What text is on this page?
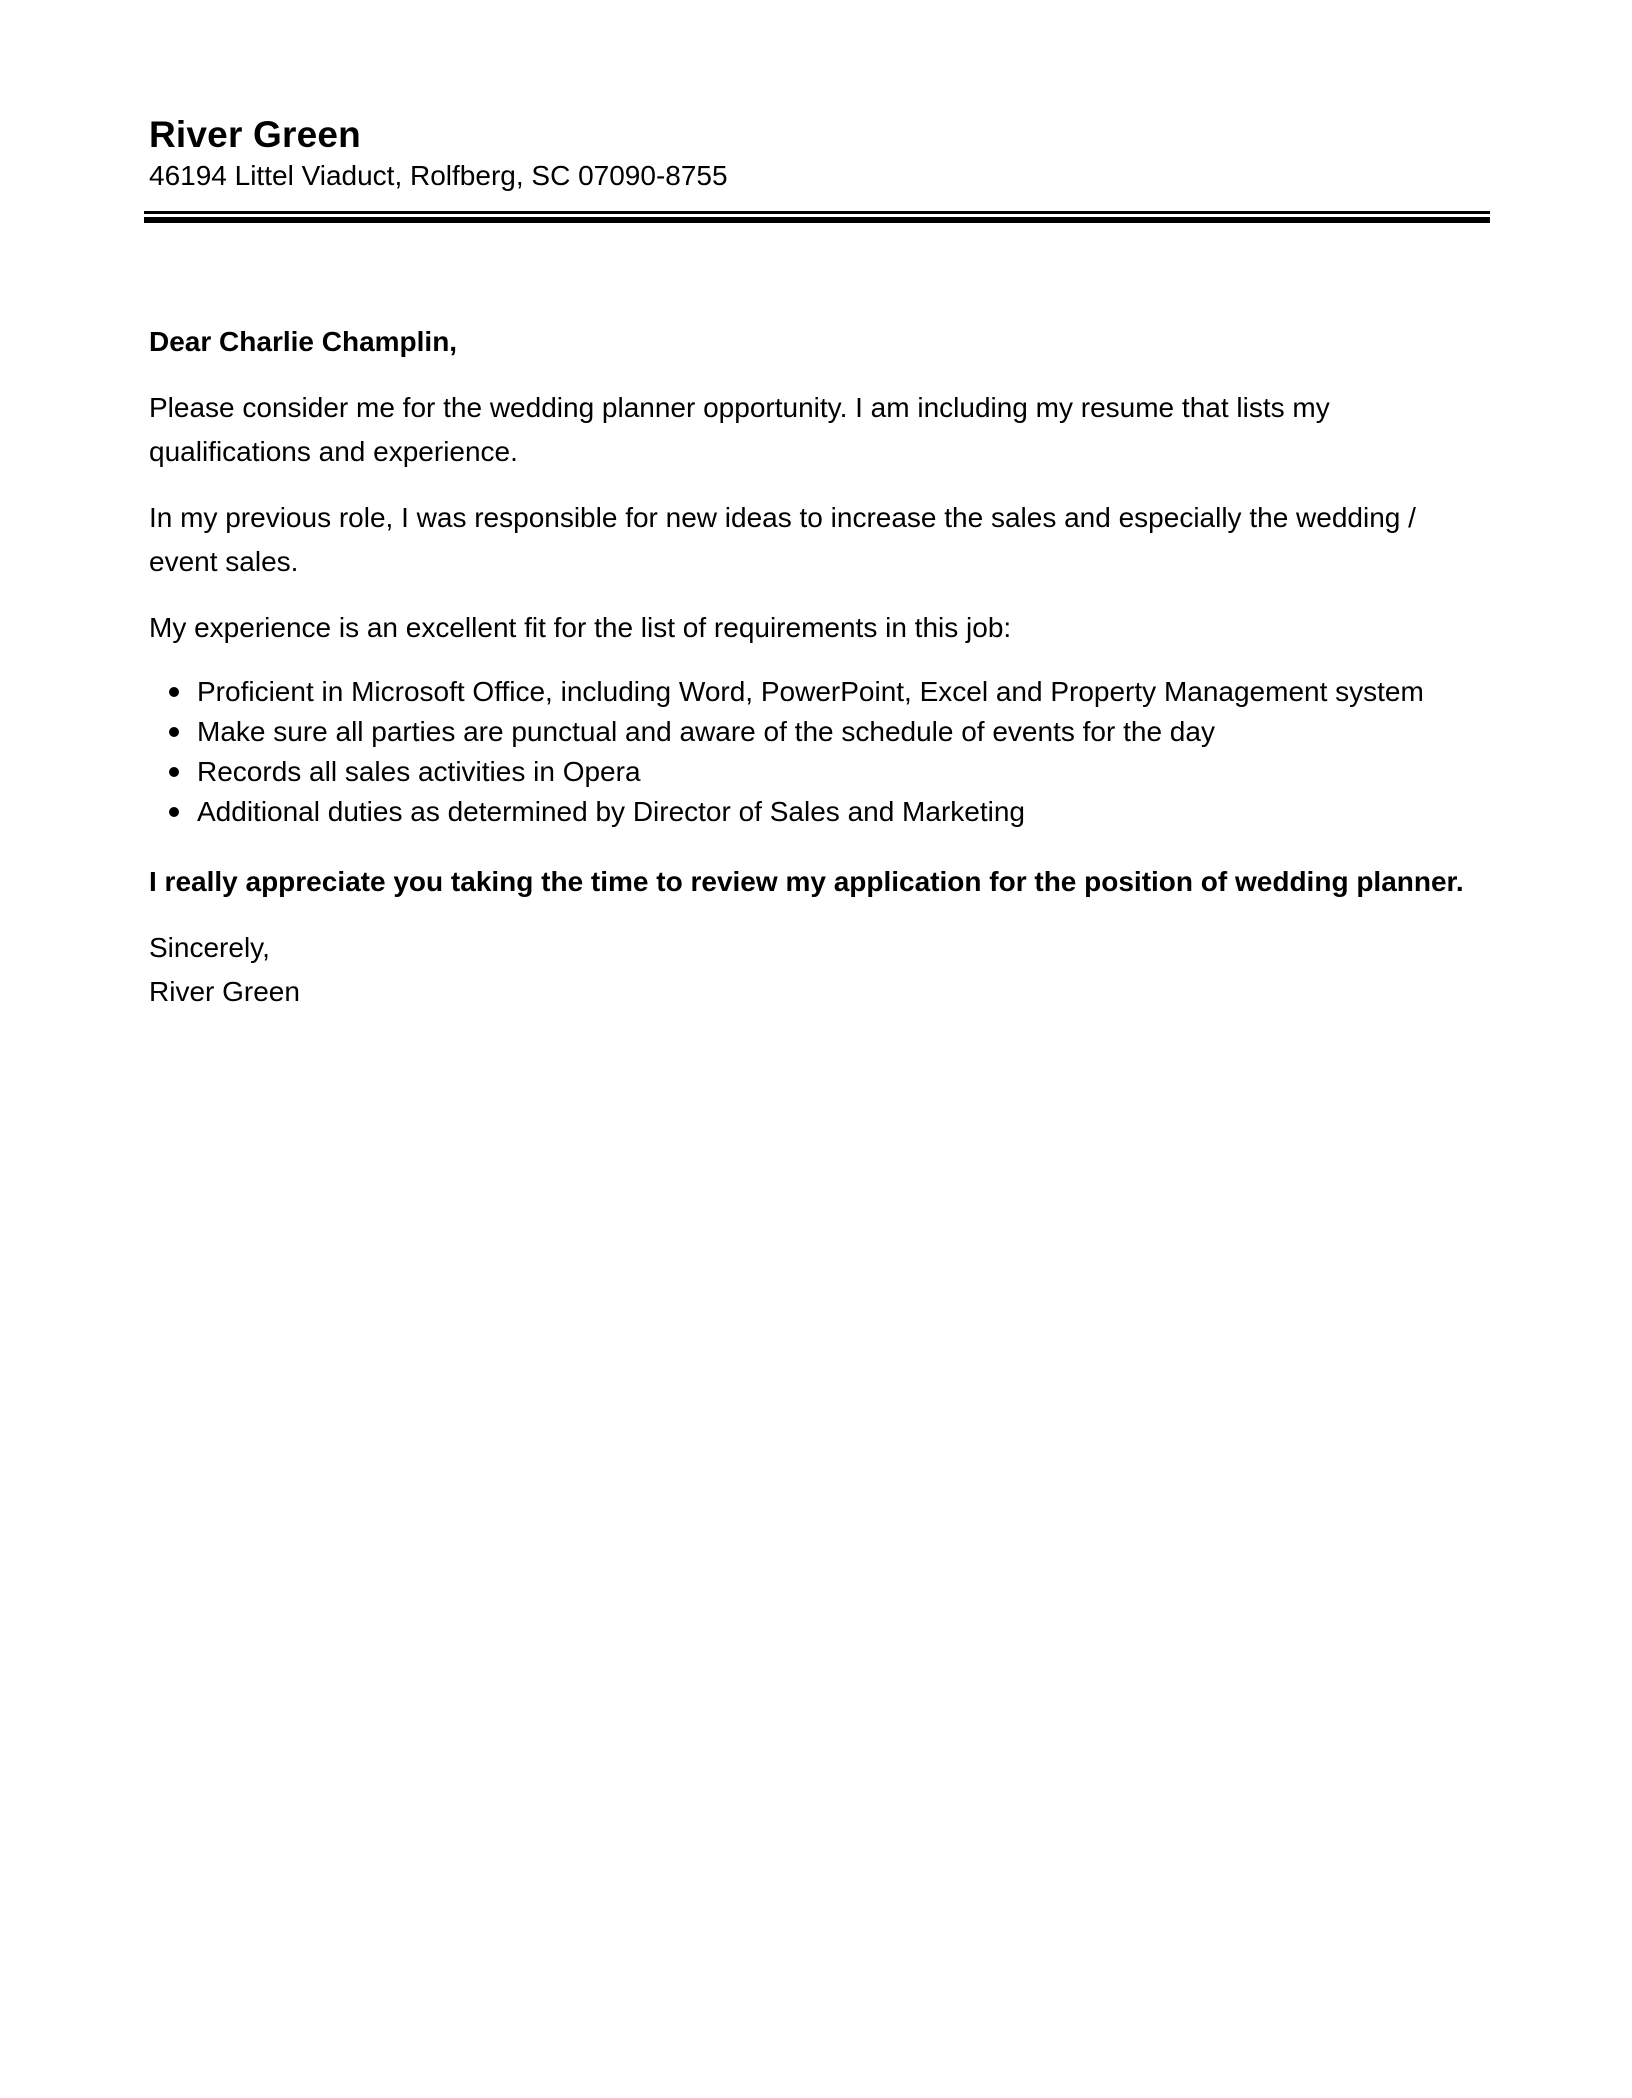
River Green

46194 Littel Viaduct, Rolfberg, SC 07090-8755

Dear Charlie Champlin,

Please consider me for the wedding planner opportunity. I am including my resume that lists my qualifications and experience.

In my previous role, I was responsible for new ideas to increase the sales and especially the wedding / event sales.

My experience is an excellent fit for the list of requirements in this job:

Proficient in Microsoft Office, including Word, PowerPoint, Excel and Property Management system
Make sure all parties are punctual and aware of the schedule of events for the day
Records all sales activities in Opera
Additional duties as determined by Director of Sales and Marketing

I really appreciate you taking the time to review my application for the position of wedding planner.

Sincerely,

River Green
